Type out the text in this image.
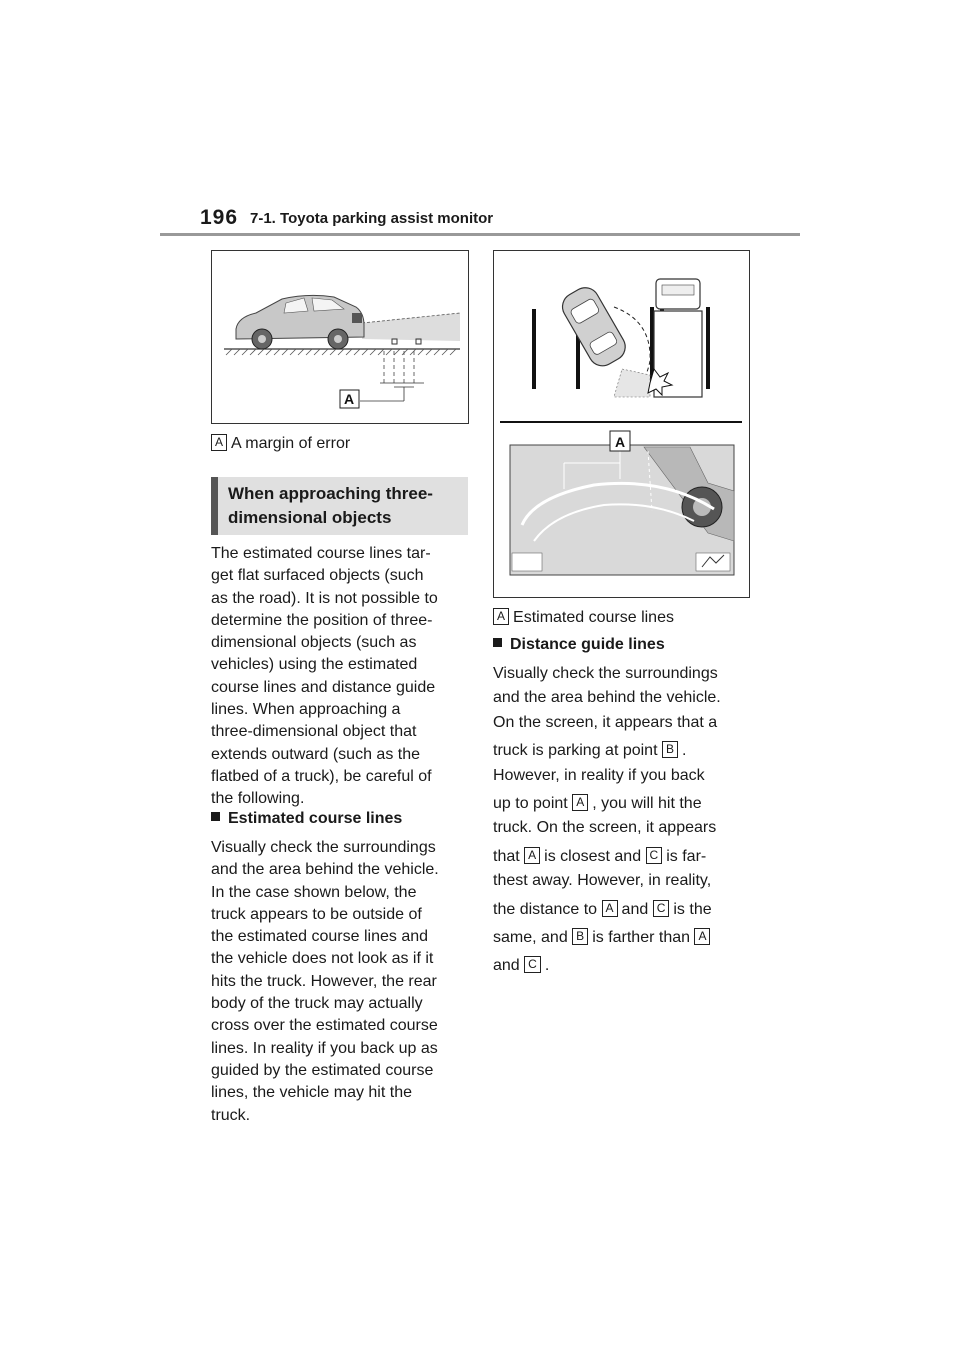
196 7-1. Toyota parking assist monitor
A
A A margin of error
When approaching three-
dimensional objects
The estimated course lines tar-
get flat surfaced objects (such
as the road). It is not possible to
determine the position of three-
dimensional objects (such as
vehicles) using the estimated
course lines and distance guide
lines. When approaching a
three-dimensional object that
extends outward (such as the
flatbed of a truck), be careful of
the following.
Estimated course lines
Visually check the surroundings
and the area behind the vehicle.
In the case shown below, the
truck appears to be outside of
the estimated course lines and
the vehicle does not look as if it
hits the truck. However, the rear
body of the truck may actually
cross over the estimated course
lines. In reality if you back up as
guided by the estimated course
lines, the vehicle may hit the
truck.
A
A Estimated course lines
Distance guide lines
Visually check the surroundings
and the area behind the vehicle.
On the screen, it appears that a
truck is parking at point B .
However, in reality if you back
up to point A , you will hit the
truck. On the screen, it appears
that A is closest and C is far-
thest away. However, in reality,
the distance to A and C is the
same, and B is farther than A
and C .
